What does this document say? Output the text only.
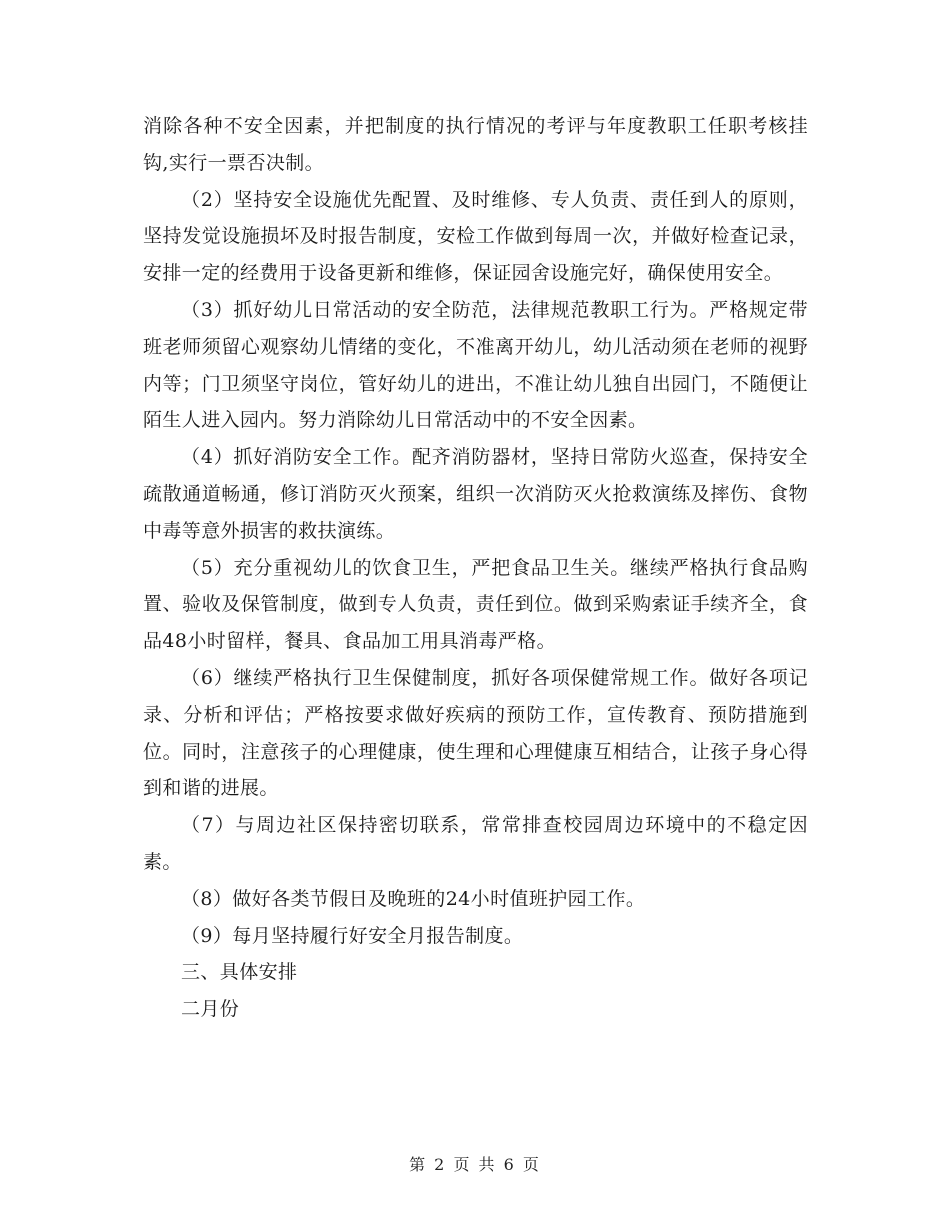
消除各种不安全因素，并把制度的执行情况的考评与年度教职工任职考核挂钩,实行一票否决制。

（2）坚持安全设施优先配置、及时维修、专人负责、责任到人的原则，坚持发觉设施损坏及时报告制度，安检工作做到每周一次，并做好检查记录，安排一定的经费用于设备更新和维修，保证园舍设施完好，确保使用安全。

（3）抓好幼儿日常活动的安全防范，法律规范教职工行为。严格规定带班老师须留心观察幼儿情绪的变化，不准离开幼儿，幼儿活动须在老师的视野内等；门卫须坚守岗位，管好幼儿的进出，不准让幼儿独自出园门，不随便让陌生人进入园内。努力消除幼儿日常活动中的不安全因素。

（4）抓好消防安全工作。配齐消防器材，坚持日常防火巡查，保持安全疏散通道畅通，修订消防灭火预案，组织一次消防灭火抢救演练及摔伤、食物中毒等意外损害的救扶演练。

（5）充分重视幼儿的饮食卫生，严把食品卫生关。继续严格执行食品购置、验收及保管制度，做到专人负责，责任到位。做到采购索证手续齐全，食品48小时留样，餐具、食品加工用具消毒严格。

（6）继续严格执行卫生保健制度，抓好各项保健常规工作。做好各项记录、分析和评估；严格按要求做好疾病的预防工作，宣传教育、预防措施到位。同时，注意孩子的心理健康，使生理和心理健康互相结合，让孩子身心得到和谐的进展。

（7）与周边社区保持密切联系，常常排查校园周边环境中的不稳定因素。

（8）做好各类节假日及晚班的24小时值班护园工作。

（9）每月坚持履行好安全月报告制度。

三、具体安排

二月份

第 2 页 共 6 页
